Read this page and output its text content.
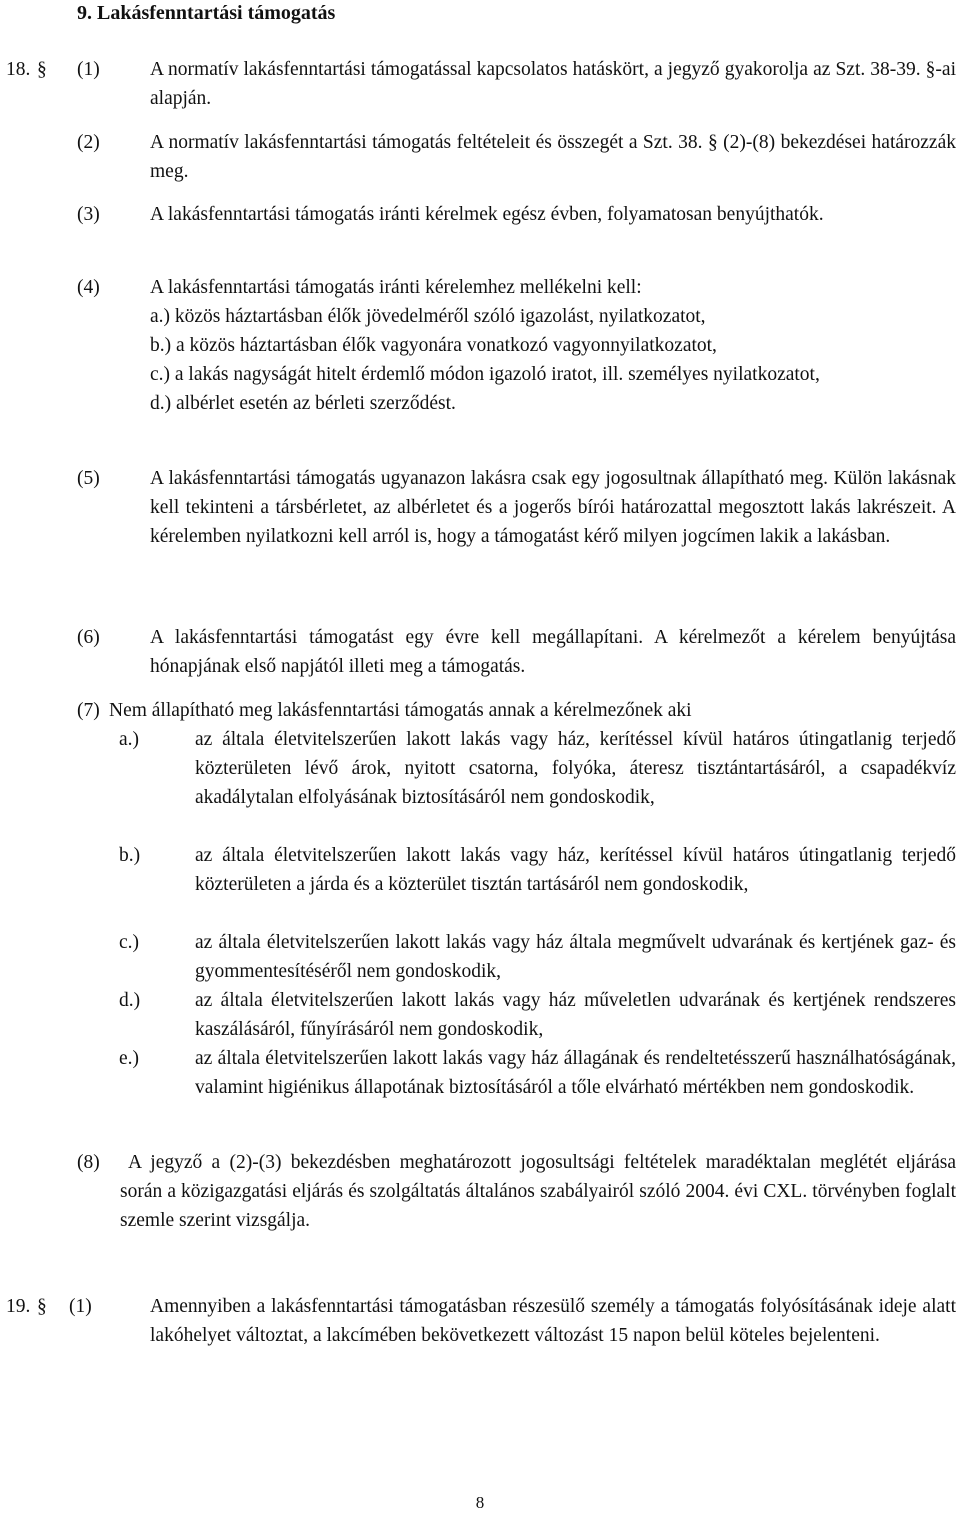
9. Lakásfenntartási támogatás
18. § (1)	A normatív lakásfenntartási támogatással kapcsolatos hatáskört, a jegyző gyakorolja az Szt. 38-39. §-ai alapján.
(2)	A normatív lakásfenntartási támogatás feltételeit és összegét a Szt. 38. § (2)-(8) bekezdései határozzák meg.
(3)	A lakásfenntartási támogatás iránti kérelmek egész évben, folyamatosan benyújthatók.
(4)	A lakásfenntartási támogatás iránti kérelemhez mellékelni kell:

a.) közös háztartásban élők jövedelméről szóló igazolást, nyilatkozatot,

b.) a közös háztartásban élők vagyonára vonatkozó vagyonnyilatkozatot,

c.) a lakás nagyságát hitelt érdemlő módon igazoló iratot, ill. személyes nyilatkozatot,

d.) albérlet esetén az bérleti szerződést.

(5)	A lakásfenntartási támogatás ugyanazon lakásra csak egy jogosultnak állapítható meg. Külön lakásnak kell tekinteni a társbérletet, az albérletet és a jogerős bírói határozattal megosztott lakás lakrészeit. A kérelemben nyilatkozni kell arról is, hogy a támogatást kérő milyen jogcímen lakik a lakásban.
(6)	A lakásfenntartási támogatást egy évre kell megállapítani. A kérelmezőt a kérelem benyújtása hónapjának első napjától illeti meg a támogatás.
(7) Nem állapítható meg lakásfenntartási támogatás annak a kérelmezőnek aki
a.)	az általa életvitelszerűen lakott lakás vagy ház, kerítéssel kívül határos útingatlanig terjedő közterületen lévő árok, nyitott csatorna, folyóka, áteresz tisztántartásáról, a csapadékvíz akadálytalan elfolyásának biztosításáról nem gondoskodik,
b.)	az általa életvitelszerűen lakott lakás vagy ház, kerítéssel kívül határos útingatlanig terjedő közterületen a járda és a közterület tisztán tartásáról nem gondoskodik,
c.)	az általa életvitelszerűen lakott lakás vagy ház általa megművelt udvarának és kertjének gaz- és gyommentesítéséről nem gondoskodik,
d.)	az általa életvitelszerűen lakott lakás vagy ház műveletlen udvarának és kertjének rendszeres kaszálásáról, fűnyírásáról nem gondoskodik,
e.)	az általa életvitelszerűen lakott lakás vagy ház állagának és rendeltetésszerű használhatóságának, valamint higiénikus állapotának biztosításáról a tőle elvárható mértékben nem gondoskodik.
(8)	A jegyző a (2)-(3) bekezdésben meghatározott jogosultsági feltételek maradéktalan meglétét eljárása során a közigazgatási eljárás és szolgáltatás általános szabályairól szóló 2004. évi CXL. törvényben foglalt szemle szerint vizsgálja.
19. § (1)	Amennyiben a lakásfenntartási támogatásban részesülő személy a támogatás folyósításának ideje alatt lakóhelyet változtat, a lakcímében bekövetkezett változást 15 napon belül köteles bejelenteni.
8
